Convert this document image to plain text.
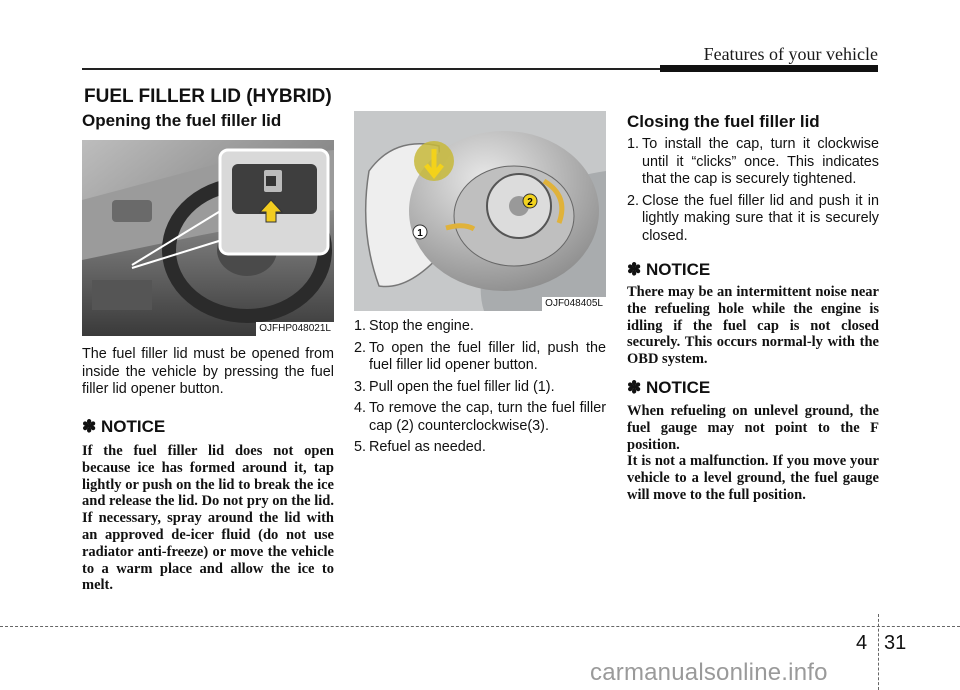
Features of your vehicle
FUEL FILLER LID (HYBRID)
Opening the fuel filler lid
OJFHP048021L
The fuel filler lid must be opened from inside the vehicle by pressing the fuel filler lid opener button.
✽ NOTICE
If the fuel filler lid does not open because ice has formed around it, tap lightly or push on the lid to break the ice and release the lid. Do not pry on the lid. If necessary, spray around the lid with an approved de-icer fluid (do not use radiator anti-freeze) or move the vehicle to a warm place and allow the ice to melt.
1
2
OJF048405L
1. Stop the engine.
2. To open the fuel filler lid, push the fuel filler lid opener button.
3. Pull open the fuel filler lid (1).
4. To remove the cap, turn the fuel filler cap (2) counterclockwise(3).
5. Refuel as needed.
Closing the fuel filler lid
1. To install the cap, turn it clockwise until it “clicks” once. This indicates that the cap is securely tightened.
2. Close the fuel filler lid and push it in lightly making sure that it is securely closed.
✽ NOTICE
There may be an intermittent noise near the refueling hole while the engine is idling if the fuel cap is not closed securely. This occurs normal-ly with the OBD system.
✽ NOTICE
When refueling on unlevel ground, the fuel gauge may not point to the F position.
It is not a malfunction. If you move your vehicle to a level ground, the fuel gauge will move to the full position.
4 31
carmanualsonline.info
